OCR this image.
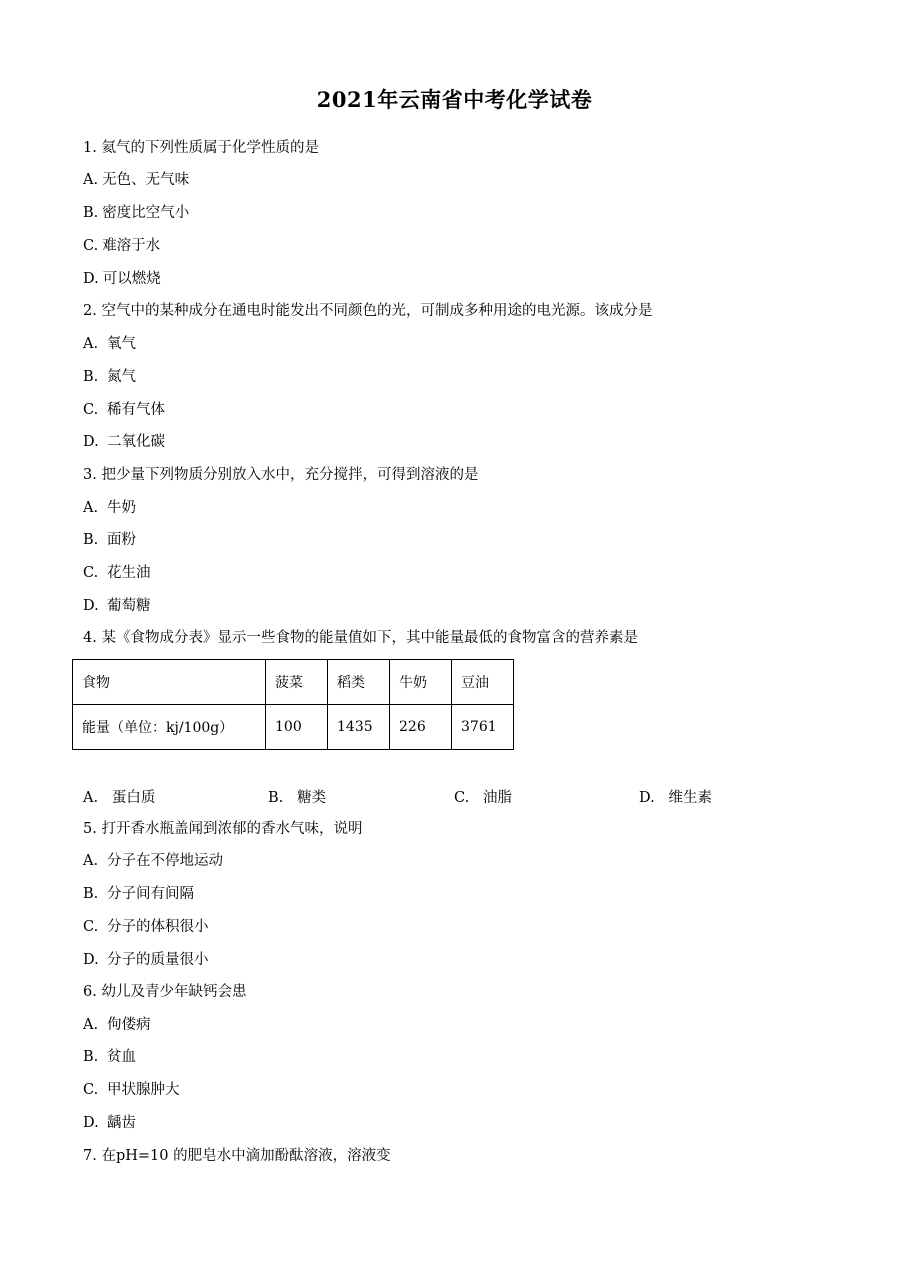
2021年云南省中考化学试卷
1. 氦气的下列性质属于化学性质的是
A. 无色、无气味
B. 密度比空气小
C. 难溶于水
D. 可以燃烧
2. 空气中的某种成分在通电时能发出不同颜色的光，可制成多种用途的电光源。该成分是
A. 氧气
B. 氮气
C. 稀有气体
D. 二氧化碳
3. 把少量下列物质分别放入水中，充分搅拌，可得到溶液的是
A. 牛奶
B. 面粉
C. 花生油
D. 葡萄糖
4. 某《食物成分表》显示一些食物的能量值如下，其中能量最低的食物富含的营养素是
食物	菠菜	稻类	牛奶	豆油
能量（单位：kj/100g）	100	1435	226	3761
A. 蛋白质	B. 糖类	C. 油脂	D. 维生素
5. 打开香水瓶盖闻到浓郁的香水气味，说明
A. 分子在不停地运动
B. 分子间有间隔
C. 分子的体积很小
D. 分子的质量很小
6. 幼儿及青少年缺钙会患
A. 佝偻病
B. 贫血
C. 甲状腺肿大
D. 龋齿
7. 在pH=10 的肥皂水中滴加酚酞溶液，溶液变
